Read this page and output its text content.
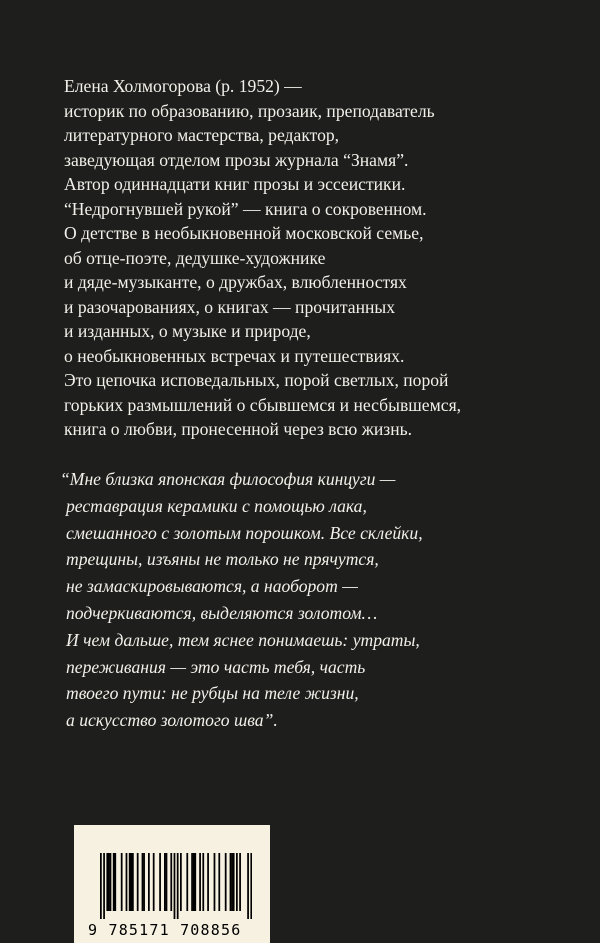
Елена Холмогорова (р. 1952) —
историк по образованию, прозаик, преподаватель
литературного мастерства, редактор,
заведующая отделом прозы журнала “Знамя”.
Автор одиннадцати книг прозы и эссеистики.
“Недрогнувшей рукой” — книга о сокровенном.
О детстве в необыкновенной московской семье,
об отце-поэте, дедушке-художнике
и дяде-музыканте, о дружбах, влюбленностях
и разочарованиях, о книгах — прочитанных
и изданных, о музыке и природе,
о необыкновенных встречах и путешествиях.
Это цепочка исповедальных, порой светлых, порой
горьких размышлений о сбывшемся и несбывшемся,
книга о любви, пронесенной через всю жизнь.
“Мне близка японская философия кинцуги —
реставрация керамики с помощью лака,
смешанного с золотым порошком. Все склейки,
трещины, изъяны не только не прячутся,
не замаскировываются, а наоборот —
подчеркиваются, выделяются золотом…
И чем дальше, тем яснее понимаешь: утраты,
переживания — это часть тебя, часть
твоего пути: не рубцы на теле жизни,
а искусство золотого шва”.
9 785171 708856
